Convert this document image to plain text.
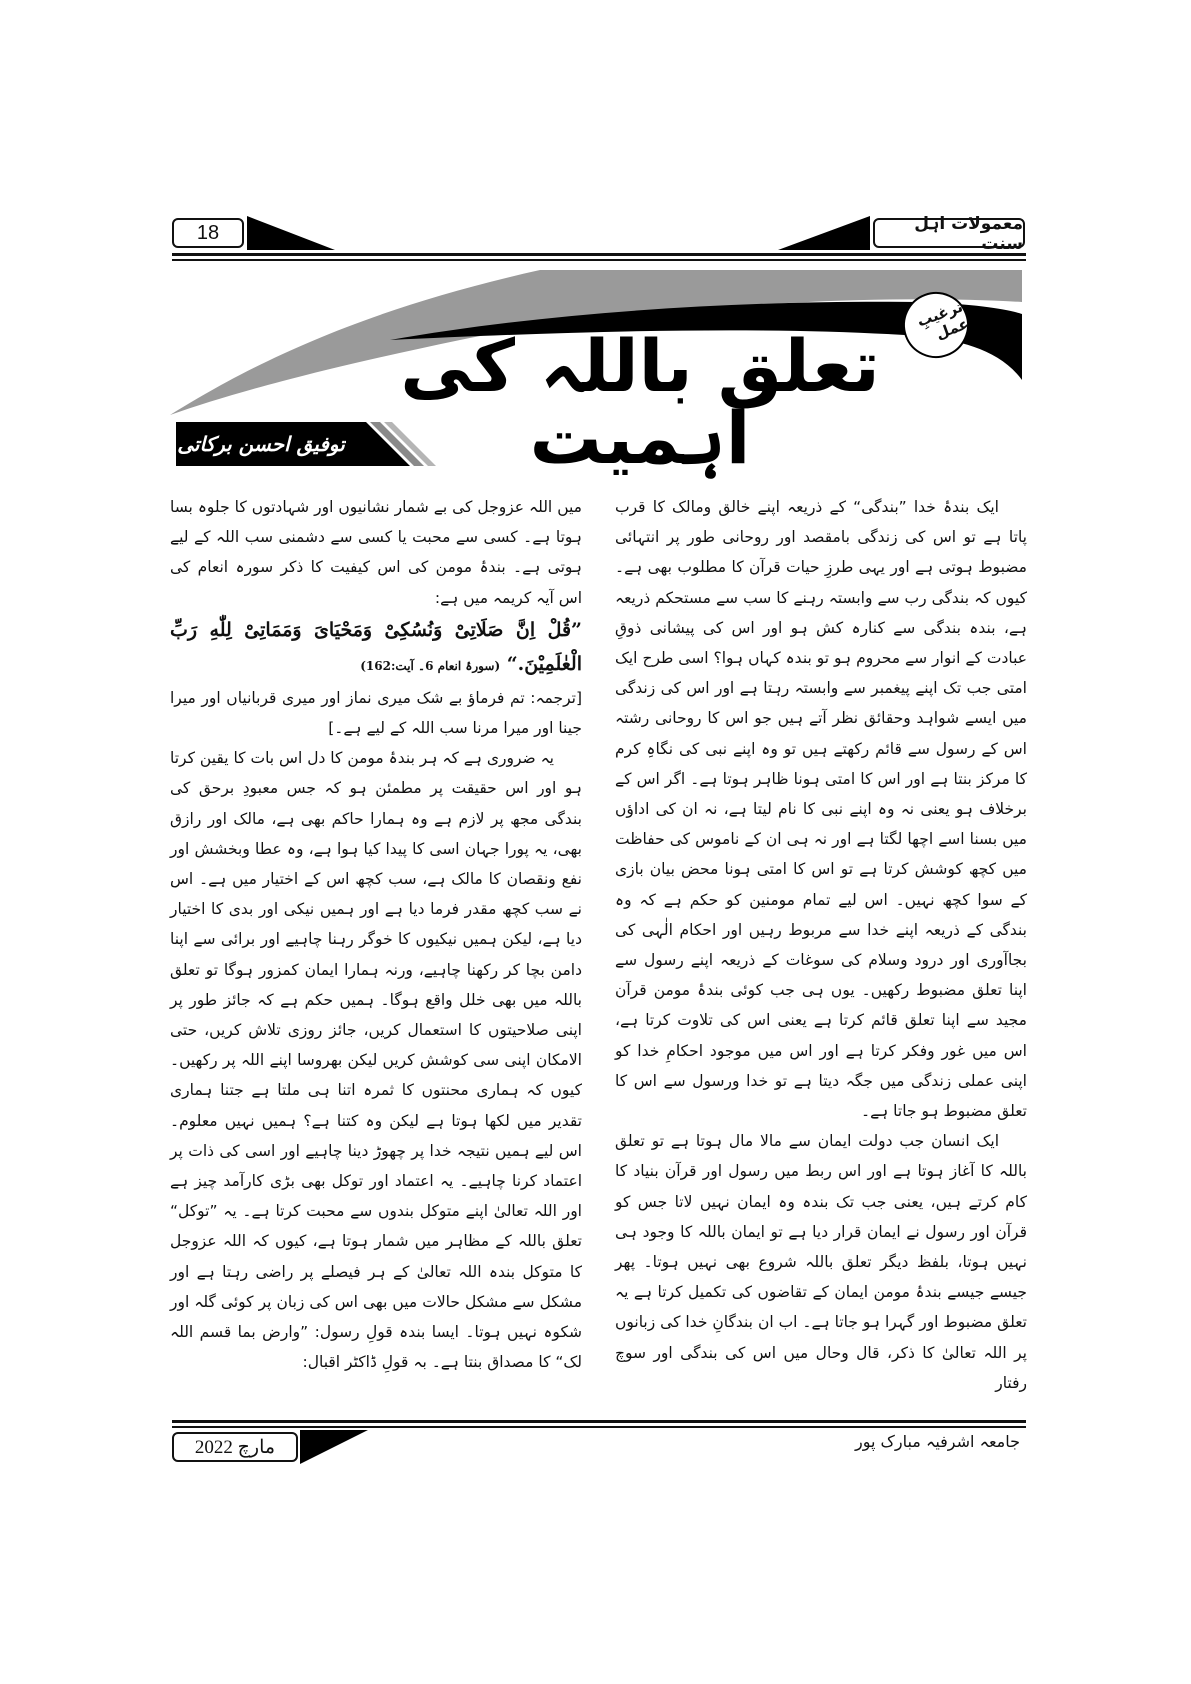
18	معمولات اہل سنت
ترغیبِ عمل
تعلق باللہ کی اہمیت
توفیق احسن برکاتی

ایک بندۂ خدا ”بندگی“ کے ذریعہ اپنے خالق ومالک کا قرب پاتا ہے تو اس کی زندگی بامقصد اور روحانی طور پر انتہائی مضبوط ہوتی ہے اور یہی طرزِ حیات قرآن کا مطلوب بھی ہے۔ کیوں کہ بندگی رب سے وابستہ رہنے کا سب سے مستحکم ذریعہ ہے، بندہ بندگی سے کنارہ کش ہو اور اس کی پیشانی ذوقِ عبادت کے انوار سے محروم ہو تو بندہ کہاں ہوا؟ اسی طرح ایک امتی جب تک اپنے پیغمبر سے وابستہ رہتا ہے اور اس کی زندگی میں ایسے شواہد وحقائق نظر آتے ہیں جو اس کا روحانی رشتہ اس کے رسول سے قائم رکھتے ہیں تو وہ اپنے نبی کی نگاہِ کرم کا مرکز بنتا ہے اور اس کا امتی ہونا ظاہر ہوتا ہے۔ اگر اس کے برخلاف ہو یعنی نہ وہ اپنے نبی کا نام لیتا ہے، نہ ان کی اداؤں میں بسنا اسے اچھا لگتا ہے اور نہ ہی ان کے ناموس کی حفاظت میں کچھ کوشش کرتا ہے تو اس کا امتی ہونا محض بیان بازی کے سوا کچھ نہیں۔ اس لیے تمام مومنین کو حکم ہے کہ وہ بندگی کے ذریعہ اپنے خدا سے مربوط رہیں اور احکام الٰہی کی بجاآوری اور درود وسلام کی سوغات کے ذریعہ اپنے رسول سے اپنا تعلق مضبوط رکھیں۔ یوں ہی جب کوئی بندۂ مومن قرآن مجید سے اپنا تعلق قائم کرتا ہے یعنی اس کی تلاوت کرتا ہے، اس میں غور وفکر کرتا ہے اور اس میں موجود احکامِ خدا کو اپنی عملی زندگی میں جگہ دیتا ہے تو خدا ورسول سے اس کا تعلق مضبوط ہو جاتا ہے۔

ایک انسان جب دولت ایمان سے مالا مال ہوتا ہے تو تعلق باللہ کا آغاز ہوتا ہے اور اس ربط میں رسول اور قرآن بنیاد کا کام کرتے ہیں، یعنی جب تک بندہ وہ ایمان نہیں لاتا جس کو قرآن اور رسول نے ایمان قرار دیا ہے تو ایمان باللہ کا وجود ہی نہیں ہوتا، بلفظ دیگر تعلق باللہ شروع بھی نہیں ہوتا۔ پھر جیسے جیسے بندۂ مومن ایمان کے تقاضوں کی تکمیل کرتا ہے یہ تعلق مضبوط اور گہرا ہو جاتا ہے۔ اب ان بندگانِ خدا کی زبانوں پر اللہ تعالیٰ کا ذکر، قال وحال میں اس کی بندگی اور سوچ رفتار

میں اللہ عزوجل کی بے شمار نشانیوں اور شہادتوں کا جلوہ بسا ہوتا ہے۔ کسی سے محبت یا کسی سے دشمنی سب اللہ کے لیے ہوتی ہے۔ بندۂ مومن کی اس کیفیت کا ذکر سورہ انعام کی اس آیہ کریمہ میں ہے:

”قُلْ اِنَّ صَلَاتِیْ وَنُسُكِیْ وَمَحْیَایَ وَمَمَاتِیْ لِلّٰهِ رَبِّ الْعٰلَمِیْنَ.“ (سورۂ انعام 6۔ آیت:162)

[ترجمہ: تم فرماؤ بے شک میری نماز اور میری قربانیاں اور میرا جینا اور میرا مرنا سب اللہ کے لیے ہے۔]

یہ ضروری ہے کہ ہر بندۂ مومن کا دل اس بات کا یقین کرتا ہو اور اس حقیقت پر مطمئن ہو کہ جس معبودِ برحق کی بندگی مجھ پر لازم ہے وہ ہمارا حاکم بھی ہے، مالک اور رازق بھی، یہ پورا جہان اسی کا پیدا کیا ہوا ہے، وہ عطا وبخشش اور نفع ونقصان کا مالک ہے، سب کچھ اس کے اختیار میں ہے۔ اس نے سب کچھ مقدر فرما دیا ہے اور ہمیں نیکی اور بدی کا اختیار دیا ہے، لیکن ہمیں نیکیوں کا خوگر رہنا چاہیے اور برائی سے اپنا دامن بچا کر رکھنا چاہیے، ورنہ ہمارا ایمان کمزور ہوگا تو تعلق باللہ میں بھی خلل واقع ہوگا۔ ہمیں حکم ہے کہ جائز طور پر اپنی صلاحیتوں کا استعمال کریں، جائز روزی تلاش کریں، حتی الامکان اپنی سی کوشش کریں لیکن بھروسا اپنے اللہ پر رکھیں۔ کیوں کہ ہماری محنتوں کا ثمرہ اتنا ہی ملتا ہے جتنا ہماری تقدیر میں لکھا ہوتا ہے لیکن وہ کتنا ہے؟ ہمیں نہیں معلوم۔ اس لیے ہمیں نتیجہ خدا پر چھوڑ دینا چاہیے اور اسی کی ذات پر اعتماد کرنا چاہیے۔ یہ اعتماد اور توکل بھی بڑی کارآمد چیز ہے اور اللہ تعالیٰ اپنے متوکل بندوں سے محبت کرتا ہے۔ یہ ”توکل“ تعلق باللہ کے مظاہر میں شمار ہوتا ہے، کیوں کہ اللہ عزوجل کا متوکل بندہ اللہ تعالیٰ کے ہر فیصلے پر راضی رہتا ہے اور مشکل سے مشکل حالات میں بھی اس کی زبان پر کوئی گلہ اور شکوہ نہیں ہوتا۔ ایسا بندہ قولِ رسول: ”وارض بما قسم اللہ لک“ کا مصداق بنتا ہے۔ بہ قولِ ڈاکٹر اقبال:

مارچ 2022	جامعہ اشرفیہ مبارک پور
